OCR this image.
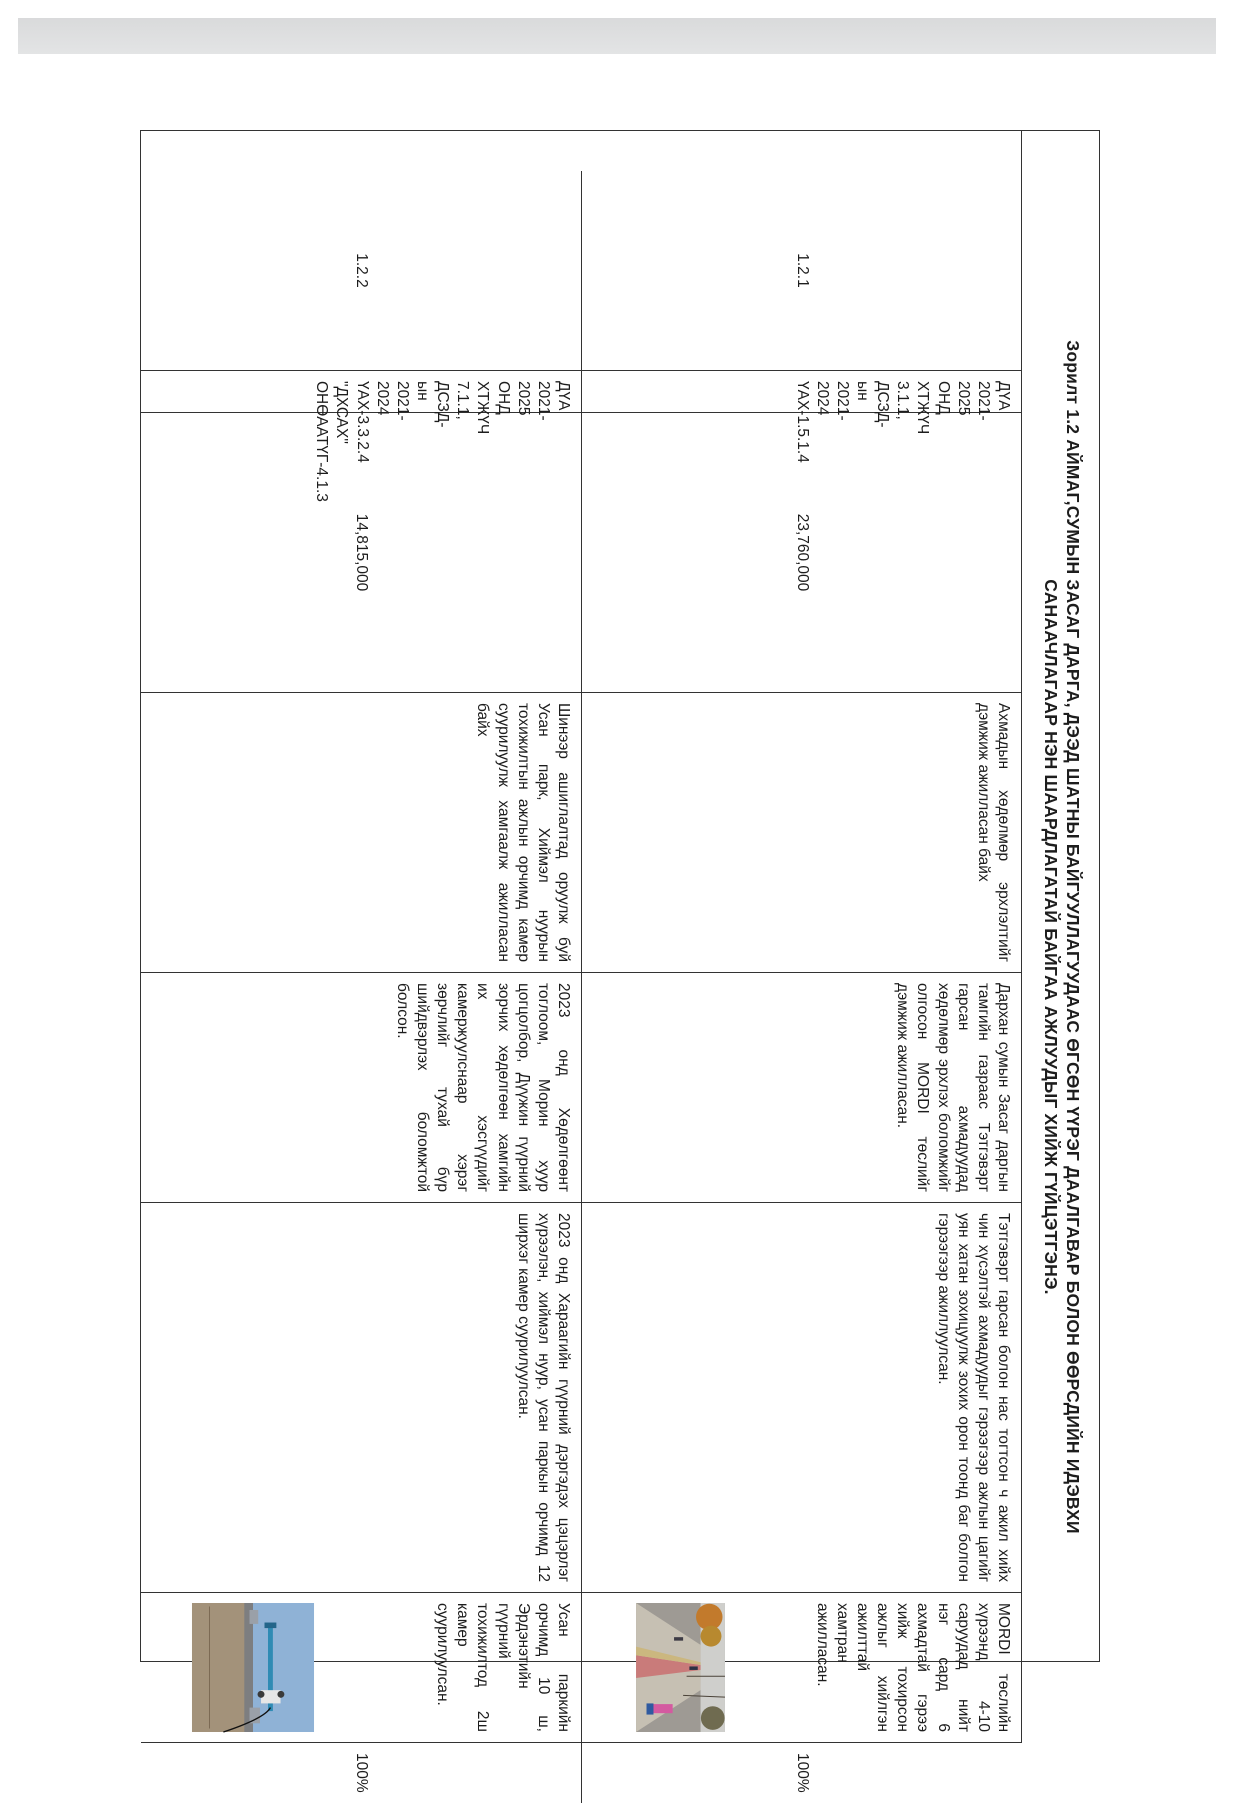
Зорилт 1.2 АЙМАГ,СУМЫН ЗАСАГ ДАРГА, ДЭЭД ШАТНЫ БАЙГУУЛЛАГУУДААС ӨГСӨН ҮҮРЭГ ДААЛГАВАР БОЛОН ӨӨРСДИЙН ИДЭВХИ
САНААЧЛАГААР НЭН ШААРДЛАГАТАЙ БАЙГАА АЖЛУУДЫГ ХИЙЖ ГҮЙЦЭТГЭНЭ.
1.2.1
ДҮА 2021-2025 ОНД ХТЖҮЧ 3.1.1, ДСЗД-ын 2021-2024 ҮАХ-1.5.1.4
23,760,000
Ахмадын хөдөлмөр эрхлэлтийг дэмжиж ажилласан байх
Дархан сумын Засаг даргын тамгийн газраас Тэтгэвэрт гарсан ахмадуудад хөдөлмөр эрхлэх боломжийг олгосон MORDI төслийг дэмжиж ажилласан.
Тэтгэвэрт гарсан болон нас тогтсон ч ажил хийх чин хүсэлтэй ахмадуудыг гэрээгээр ажлын цагийг уян хатан зохицуулж зохих орон тоонд баг болгон гэрээгээр ажиллуулсан.
MORDI төслийн хүрээнд 4-10 саруудад нийт нэг сард 6 ахмадтай гэрээ хийж тохирсон ажлыг хийлгэн ажилттай хамтран ажилласан.
100%
1.2.2
ДҮА 2021-2025 ОНД ХТЖҮЧ 7.1.1, ДСЗД-ын 2021-2024 ҮАХ-3.3.2.4 "ДХСАХ" ОНӨААТҮГ-4.1.3
14,815,000
Шинээр ашиглалтад оруулж буй Усан парк, Хиймэл нуурын тохижилтын ажлын орчимд камер суурилуулж хамгаалж ажилласан байх
2023 онд Хөдөлгөөнт тоглоом, Морин хуур цогцолбор, Дүүжин гүүрний зорчих хөдөлгөөн хамгийн их хэсгүүдийг камержуулснаар хэрэг зөрчлийг тухай бүр шийдвэрлэх боломжтой болсон.
2023 онд Хараагийн гүүрний дэргэдэх цэцэрлэг хүрээлэн, хиймэл нуур, усан паркын орчимд 12 ширхэг камер суурилуулсан.
Усан паркийн орчимд 10 ш, Эрдэнэтийн гүүрний тохижилтод 2ш камер суурилуулсан.
100%
